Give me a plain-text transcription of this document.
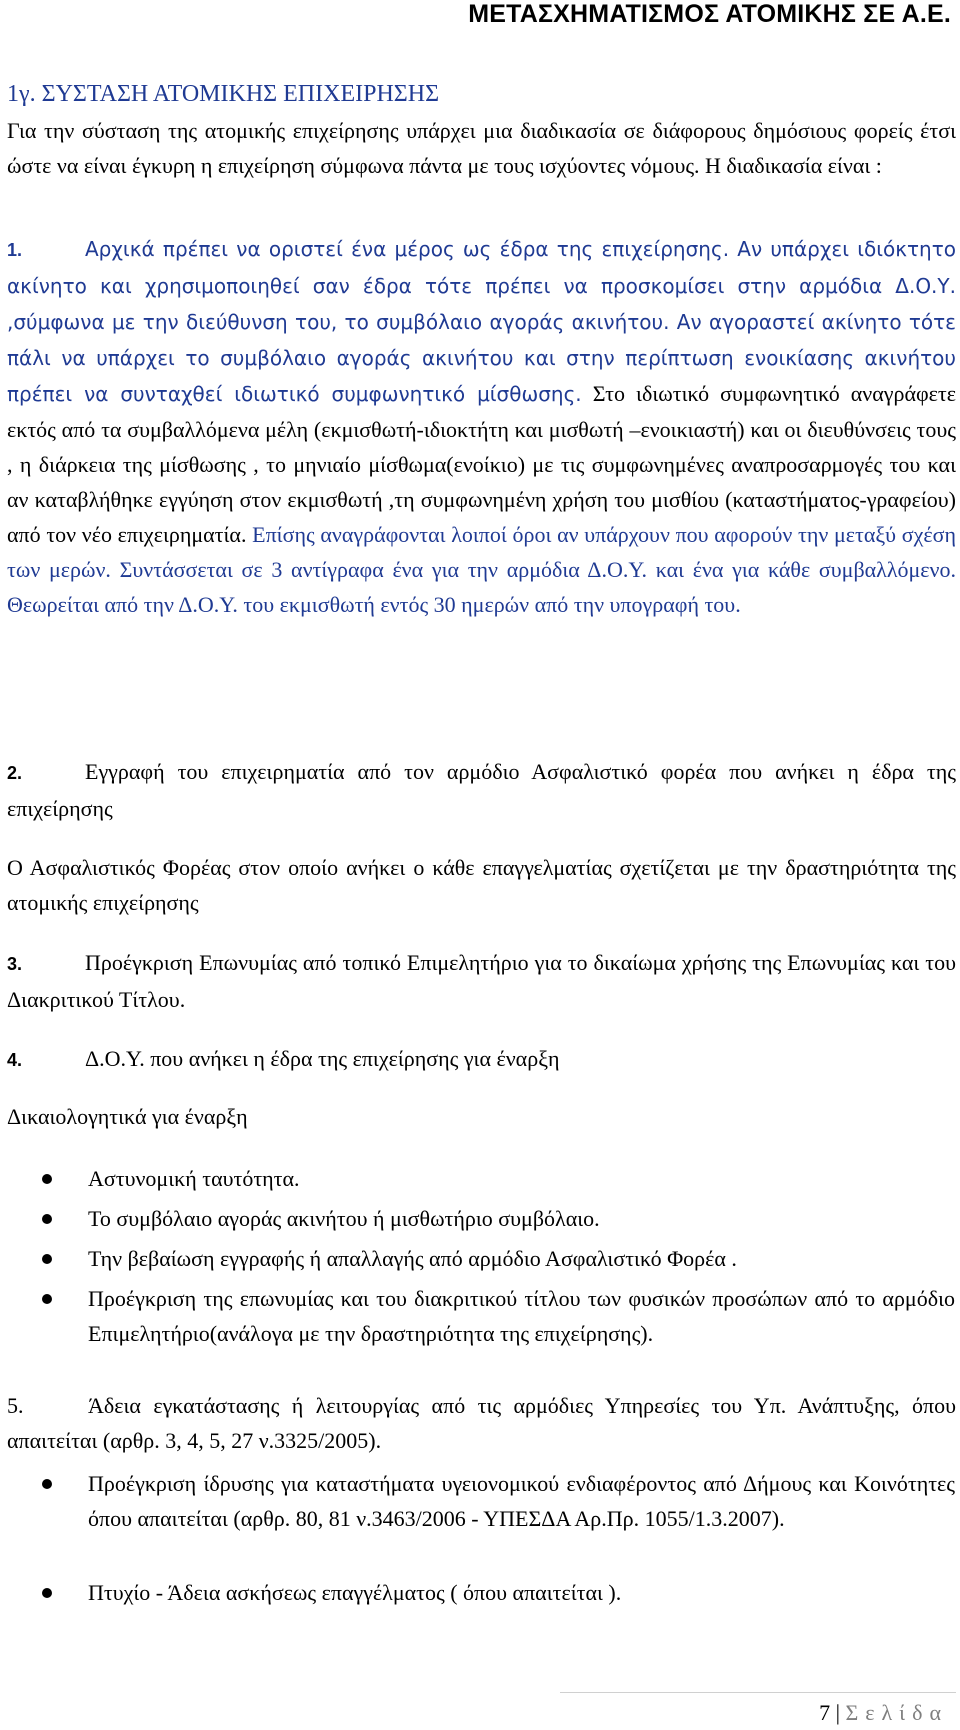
ΜΕΤΑΣΧΗΜΑΤΙΣΜΟΣ ΑΤΟΜΙΚΗΣ ΣΕ Α.Ε.
1γ. ΣΥΣΤΑΣΗ ΑΤΟΜΙΚΗΣ ΕΠΙΧΕΙΡΗΣΗΣ
Για την σύσταση της ατομικής επιχείρησης υπάρχει μια διαδικασία σε διάφορους δημόσιους φορείς έτσι ώστε να είναι έγκυρη η επιχείρηση σύμφωνα πάντα με τους ισχύοντες νόμους. Η διαδικασία είναι :
1.	Αρχικά πρέπει να οριστεί ένα μέρος ως έδρα της επιχείρησης. Αν υπάρχει ιδιόκτητο ακίνητο και χρησιμοποιηθεί σαν έδρα τότε πρέπει να προσκομίσει στην αρμόδια Δ.Ο.Υ. ,σύμφωνα με την διεύθυνση του, το συμβόλαιο αγοράς ακινήτου. Αν αγοραστεί ακίνητο τότε πάλι να υπάρχει το συμβόλαιο αγοράς ακινήτου και στην περίπτωση ενοικίασης ακινήτου πρέπει να συνταχθεί ιδιωτικό συμφωνητικό μίσθωσης. Στο ιδιωτικό συμφωνητικό αναγράφετε εκτός από τα συμβαλλόμενα μέλη (εκμισθωτή-ιδιοκτήτη και μισθωτή –ενοικιαστή) και οι διευθύνσεις τους , η διάρκεια της μίσθωσης , το μηνιαίο μίσθωμα(ενοίκιο) με τις συμφωνημένες αναπροσαρμογές του και αν καταβλήθηκε εγγύηση στον εκμισθωτή ,τη συμφωνημένη χρήση του μισθίου (καταστήματος-γραφείου) από τον νέο επιχειρηματία. Επίσης αναγράφονται λοιποί όροι αν υπάρχουν που αφορούν την μεταξύ σχέση των μερών. Συντάσσεται σε 3 αντίγραφα ένα για την αρμόδια Δ.Ο.Υ. και ένα για κάθε συμβαλλόμενο. Θεωρείται από την Δ.Ο.Υ. του εκμισθωτή εντός 30 ημερών από την υπογραφή του.
2.	Εγγραφή του επιχειρηματία από τον αρμόδιο Ασφαλιστικό φορέα που ανήκει η έδρα της επιχείρησης
Ο Ασφαλιστικός Φορέας στον οποίο ανήκει ο κάθε επαγγελματίας σχετίζεται με την δραστηριότητα της ατομικής επιχείρησης
3.	Προέγκριση Επωνυμίας από τοπικό Επιμελητήριο για το δικαίωμα χρήσης της Επωνυμίας και του Διακριτικού Τίτλου.
4.	Δ.Ο.Υ. που ανήκει η έδρα της επιχείρησης για έναρξη
Δικαιολογητικά για έναρξη
Αστυνομική ταυτότητα.
Το συμβόλαιο αγοράς ακινήτου ή μισθωτήριο συμβόλαιο.
Την βεβαίωση εγγραφής ή απαλλαγής από αρμόδιο Ασφαλιστικό Φορέα .
Προέγκριση της επωνυμίας και του διακριτικού τίτλου των φυσικών προσώπων από το αρμόδιο Επιμελητήριο(ανάλογα με την δραστηριότητα της επιχείρησης).
5.	Άδεια εγκατάστασης ή λειτουργίας από τις αρμόδιες Υπηρεσίες του Υπ. Ανάπτυξης, όπου απαιτείται (αρθρ. 3, 4, 5, 27 ν.3325/2005).
Προέγκριση ίδρυσης για καταστήματα υγειονομικού ενδιαφέροντος από Δήμους και Κοινότητες όπου απαιτείται (αρθρ. 80, 81 ν.3463/2006 - ΥΠΕΣΔΑ Αρ.Πρ. 1055/1.3.2007).
Πτυχίο - Άδεια ασκήσεως επαγγέλματος ( όπου απαιτείται ).
7 | Σελίδα
